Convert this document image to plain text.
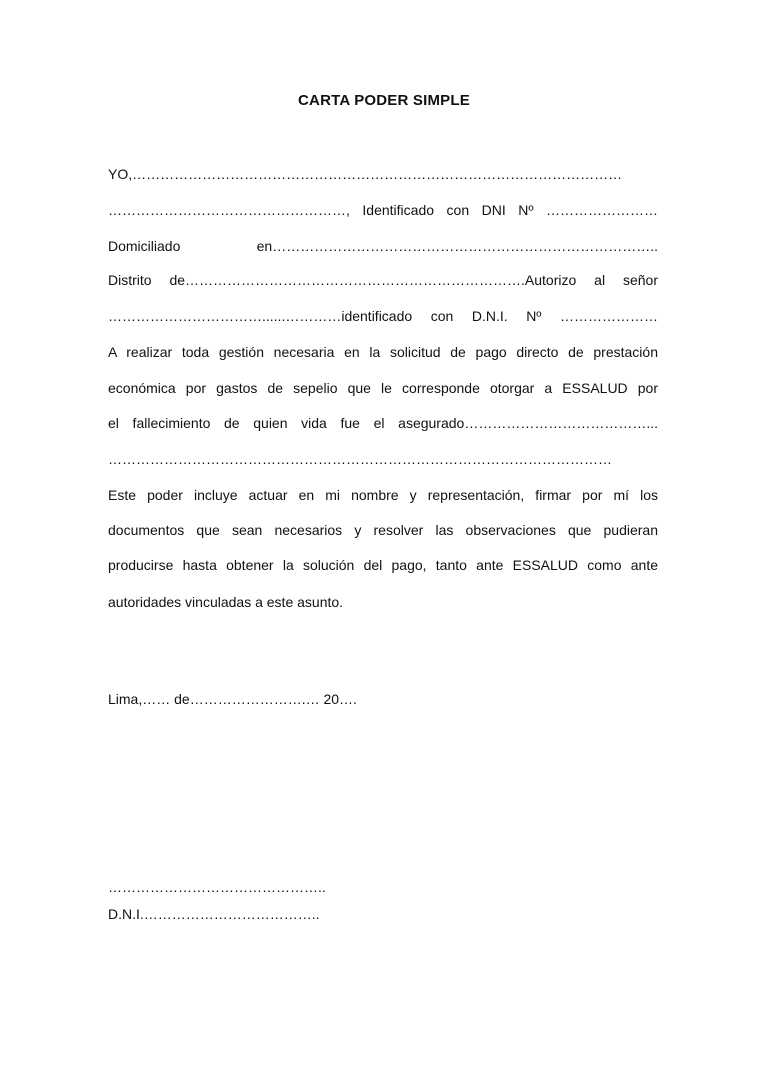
CARTA PODER SIMPLE
YO,……………………………………………………………………………………………
……………………………………………, Identificado con DNI Nº ……………………
Domiciliado en………………………………………………………………………..
Distrito de……………………………………………………………….Autorizo al señor
……………………………......…………identificado con D.N.I. Nº …………………
A realizar toda gestión necesaria en la solicitud de pago directo de prestación
económica por gastos de sepelio que le corresponde otorgar a ESSALUD por
el fallecimiento de quien vida fue el asegurado…………………………………...
………………………………………………………………………………………………
Este poder incluye actuar en mi nombre y representación, firmar por mí los
documentos que sean necesarios y resolver las observaciones que pudieran
producirse hasta obtener la solución del pago, tanto ante ESSALUD como ante
autoridades vinculadas a este asunto.
Lima,…… de…………………….… 20….
………………………………………..
D.N.I.………………………………..
